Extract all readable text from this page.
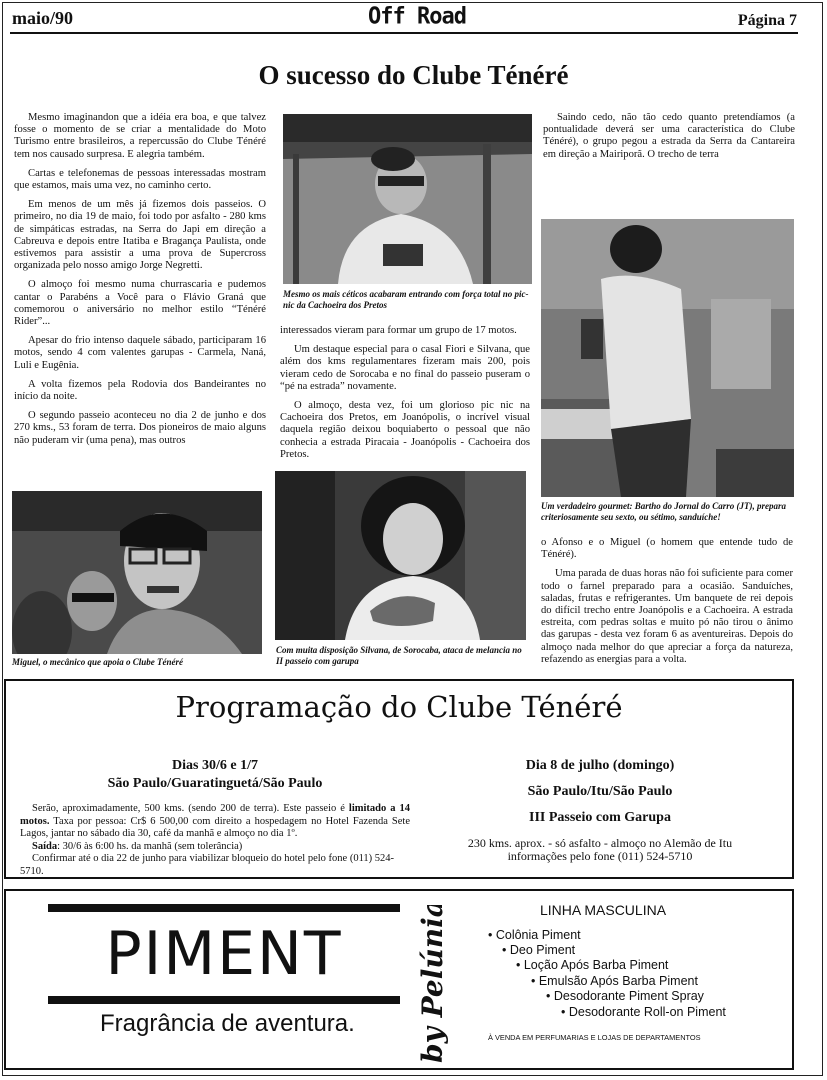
maio/90	Off Road	Página 7
O sucesso do Clube Ténéré

Mesmo imaginandon que a idéia era boa, e que talvez fosse o momento de se criar a mentalidade do Moto Turismo entre brasileiros, a repercussão do Clube Ténéré tem nos causado surpresa. E alegria também.

Cartas e telefonemas de pessoas interessadas mostram que estamos, mais uma vez, no caminho certo.

Em menos de um mês já fizemos dois passeios. O primeiro, no dia 19 de maio, foi todo por asfalto - 280 kms de simpáticas estradas, na Serra do Japi em direção a Cabreuva e depois entre Itatiba e Bragança Paulista, onde estivemos para assistir a uma prova de Supercross organizada pelo nosso amigo Jorge Negretti.

O almoço foi mesmo numa churrascaria e pudemos cantar o Parabéns a Você para o Flávio Graná que comemorou o aniversário no melhor estilo “Ténéré Rider”...

Apesar do frio intenso daquele sábado, participaram 16 motos, sendo 4 com valentes garupas - Carmela, Naná, Luli e Eugênia.

A volta fizemos pela Rodovia dos Bandeirantes no início da noite.

O segundo passeio aconteceu no dia 2 de junho e dos 270 kms., 53 foram de terra. Dos pioneiros de maio alguns não puderam vir (uma pena), mas outros

Mesmo os mais céticos acabaram entrando com força total no pic-nic da Cachoeira dos Pretos

interessados vieram para formar um grupo de 17 motos.

Um destaque especial para o casal Fiori e Silvana, que além dos kms regulamentares fizeram mais 200, pois vieram cedo de Sorocaba e no final do passeio puseram o “pé na estrada” novamente.

O almoço, desta vez, foi um glorioso pic nic na Cachoeira dos Pretos, em Joanópolis, o incrível visual daquela região deixou boquiaberto o pessoal que não conhecia a estrada Piracaia - Joanópolis - Cachoeira dos Pretos.

Saindo cedo, não tão cedo quanto pretendíamos (a pontualidade deverá ser uma característica do Clube Ténéré), o grupo pegou a estrada da Serra da Cantareira em direção a Mairiporã. O trecho de terra

Um verdadeiro gourmet: Bartho do Jornal do Carro (JT), prepara criteriosamente seu sexto, ou sétimo, sanduíche!

o Afonso e o Miguel (o homem que entende tudo de Ténéré).

Uma parada de duas horas não foi suficiente para comer todo o farnel preparado para a ocasião. Sanduíches, saladas, frutas e refrigerantes. Um banquete de rei depois do difícil trecho entre Joanópolis e a Cachoeira. A estrada estreita, com pedras soltas e muito pó não tirou o ânimo das garupas - desta vez foram 6 as aventureiras. Depois do almoço nada melhor do que apreciar a força da natureza, refazendo as energias para a volta.

Miguel, o mecânico que apoia o Clube Ténéré
Com muita disposição Silvana, de Sorocaba, ataca de melancia no II passeio com garupa
Programação do Clube Ténéré
Dias 30/6 e 1/7
São Paulo/Guaratinguetá/São Paulo
Serão, aproximadamente, 500 kms. (sendo 200 de terra). Este passeio é limitado a 14 motos. Taxa por pessoa: Cr$ 6 500,00 com direito a hospedagem no Hotel Fazenda Sete Lagos, jantar no sábado dia 30, café da manhã e almoço no dia 1º.
Saída: 30/6 às 6:00 hs. da manhã (sem tolerância)
Confirmar até o dia 22 de junho para viabilizar bloqueio do hotel pelo fone (011) 524-5710.
Dia 8 de julho (domingo)
São Paulo/Itu/São Paulo
III Passeio com Garupa
230 kms. aprox. - só asfalto - almoço no Alemão de Itu
informações pelo fone (011) 524-5710
PIMENT
Fragrância de aventura. by Pelúnia	LINHA MASCULINA
• Colônia Piment
• Deo Piment
• Loção Após Barba Piment
• Emulsão Após Barba Piment
• Desodorante Piment Spray
• Desodorante Roll-on Piment
À VENDA EM PERFUMARIAS E LOJAS DE DEPARTAMENTOS
